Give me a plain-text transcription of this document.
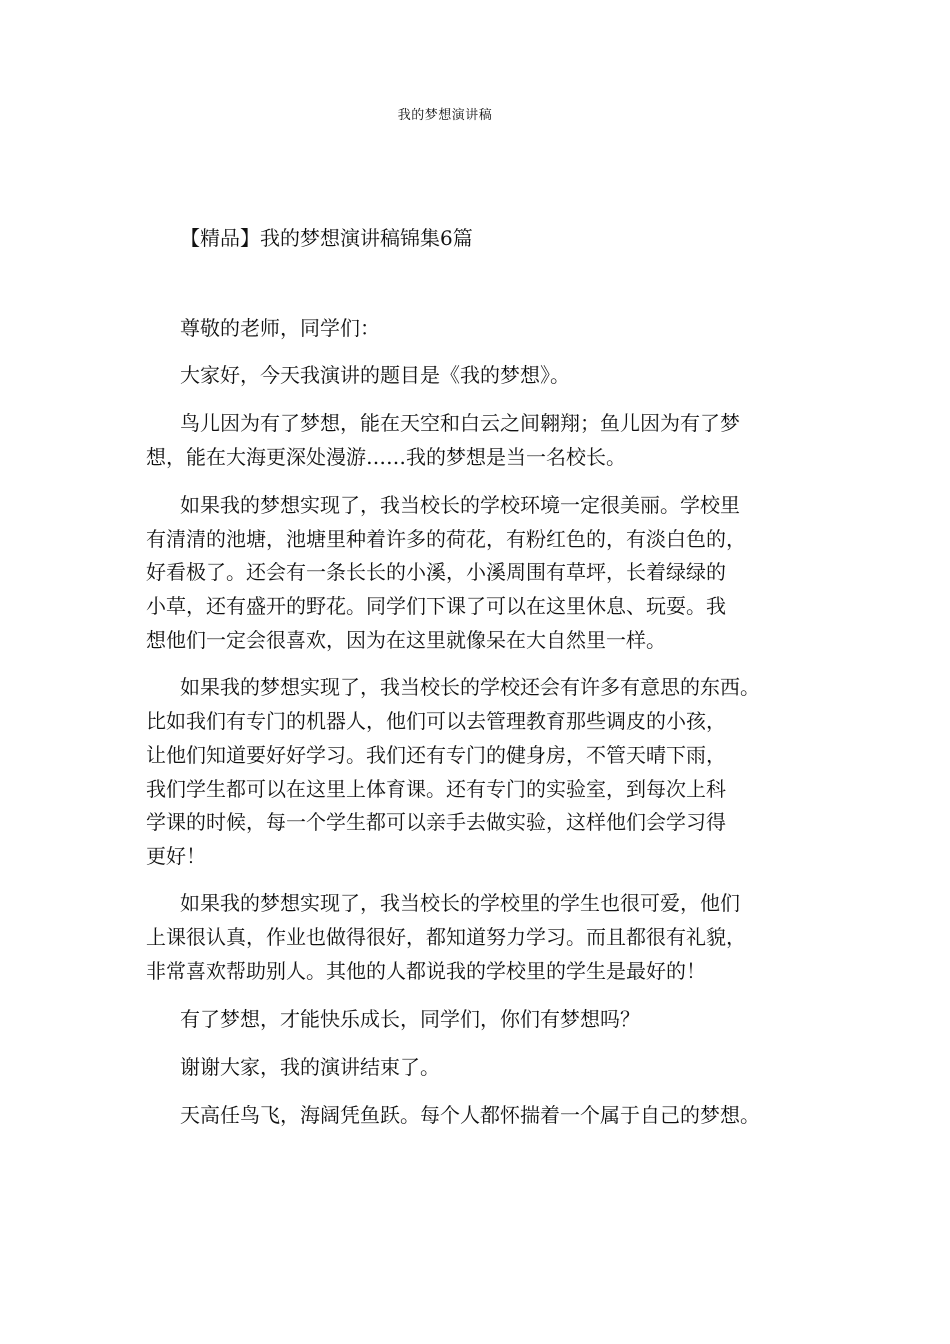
我的梦想演讲稿
【精品】我的梦想演讲稿锦集6篇
尊敬的老师，同学们：
大家好，今天我演讲的题目是《我的梦想》。
鸟儿因为有了梦想，能在天空和白云之间翱翔；鱼儿因为有了梦
想，能在大海更深处漫游……我的梦想是当一名校长。
如果我的梦想实现了，我当校长的学校环境一定很美丽。学校里
有清清的池塘，池塘里种着许多的荷花，有粉红色的，有淡白色的，
好看极了。还会有一条长长的小溪，小溪周围有草坪，长着绿绿的
小草，还有盛开的野花。同学们下课了可以在这里休息、玩耍。我
想他们一定会很喜欢，因为在这里就像呆在大自然里一样。
如果我的梦想实现了，我当校长的学校还会有许多有意思的东西。
比如我们有专门的机器人，他们可以去管理教育那些调皮的小孩，
让他们知道要好好学习。我们还有专门的健身房，不管天晴下雨，
我们学生都可以在这里上体育课。还有专门的实验室，到每次上科
学课的时候，每一个学生都可以亲手去做实验，这样他们会学习得
更好！
如果我的梦想实现了，我当校长的学校里的学生也很可爱，他们
上课很认真，作业也做得很好，都知道努力学习。而且都很有礼貌，
非常喜欢帮助别人。其他的人都说我的学校里的学生是最好的！
有了梦想，才能快乐成长，同学们，你们有梦想吗？
谢谢大家，我的演讲结束了。
天高任鸟飞，海阔凭鱼跃。每个人都怀揣着一个属于自己的梦想。
